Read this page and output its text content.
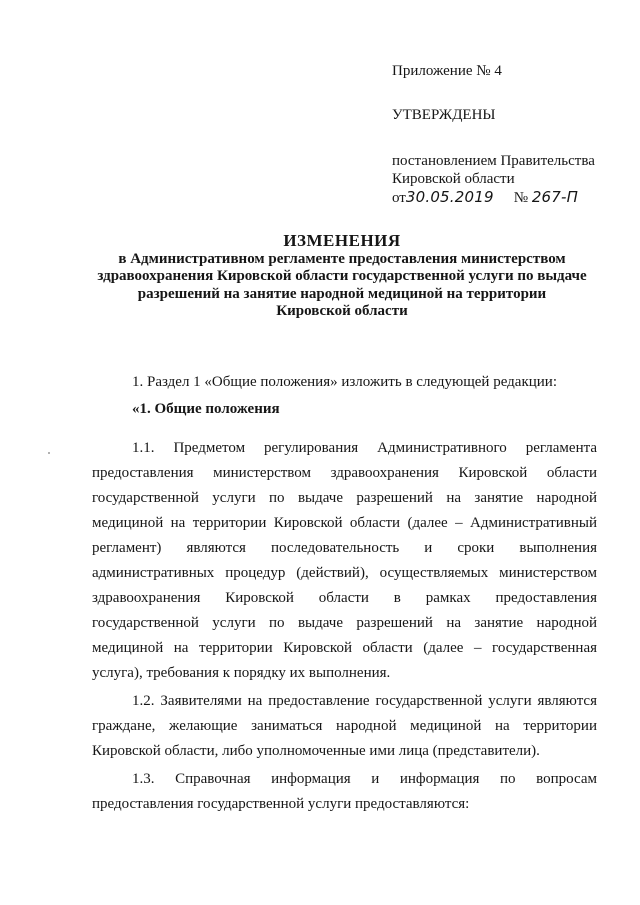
Приложение № 4

УТВЕРЖДЕНЫ

постановлением Правительства

Кировской области

от30.05.2019 № 267-П

ИЗМЕНЕНИЯ

в Административном регламенте предоставления министерством

здравоохранения Кировской области государственной услуги по выдаче

разрешений на занятие народной медициной на территории

Кировской области

1. Раздел 1 «Общие положения» изложить в следующей редакции:

«1. Общие положения

1.1. Предметом регулирования Административного регламента предоставления министерством здравоохранения Кировской области государственной услуги по выдаче разрешений на занятие народной медициной на территории Кировской области (далее – Административный регламент) являются последовательность и сроки выполнения административных процедур (действий), осуществляемых министерством здравоохранения Кировской области в рамках предоставления государственной услуги по выдаче разрешений на занятие народной медициной на территории Кировской области (далее – государственная услуга), требования к порядку их выполнения.

1.2. Заявителями на предоставление государственной услуги являются граждане, желающие заниматься народной медициной на территории Кировской области, либо уполномоченные ими лица (представители).

1.3. Справочная информация и информация по вопросам предоставления государственной услуги предоставляются:
